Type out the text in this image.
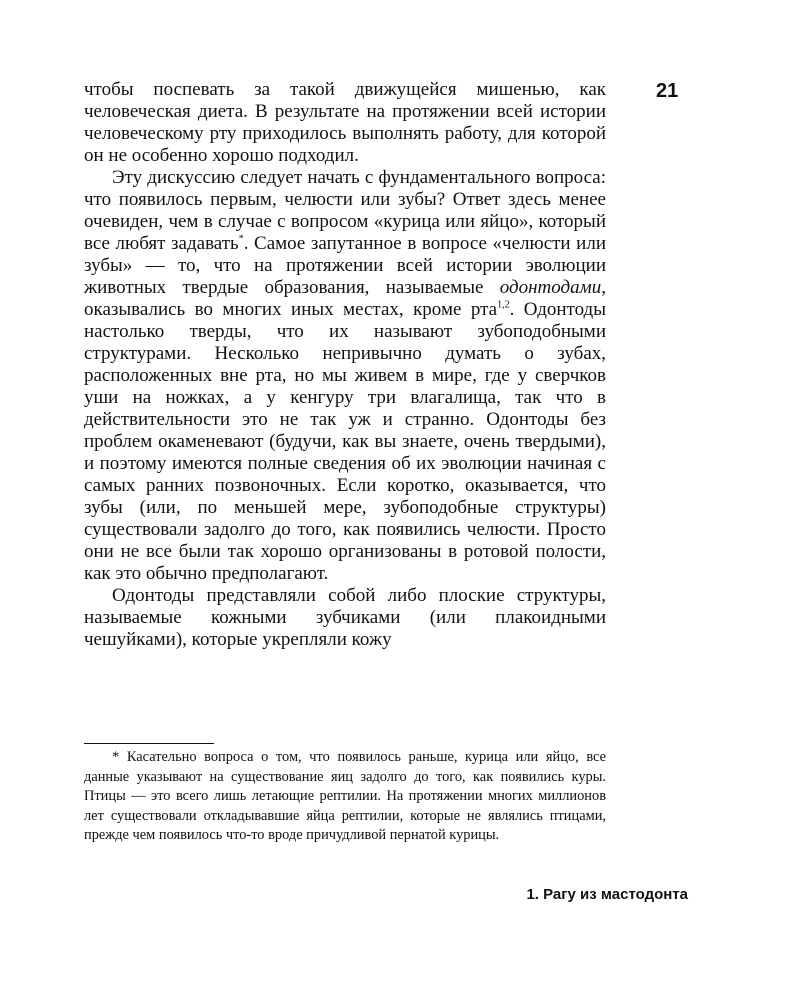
21

чтобы поспевать за такой движущейся мишенью, как человеческая диета. В результате на протяжении всей истории человеческому рту приходилось выполнять работу, для которой он не особенно хорошо подходил.

Эту дискуссию следует начать с фундаментального вопроса: что появилось первым, челюсти или зубы? Ответ здесь менее очевиден, чем в случае с вопросом «курица или яйцо», который все любят задавать*. Самое запутанное в вопросе «челюсти или зубы» — то, что на протяжении всей истории эволюции животных твердые образования, называемые одонтодами, оказывались во многих иных местах, кроме рта$^{1,2}$. Одонтоды настолько тверды, что их называют зубоподобными структурами. Несколько непривычно думать о зубах, расположенных вне рта, но мы живем в мире, где у сверчков уши на ножках, а у кенгуру три влагалища, так что в действительности это не так уж и странно. Одонтоды без проблем окаменевают (будучи, как вы знаете, очень твердыми), и поэтому имеются полные сведения об их эволюции начиная с самых ранних позвоночных. Если коротко, оказывается, что зубы (или, по меньшей мере, зубоподобные структуры) существовали задолго до того, как появились челюсти. Просто они не все были так хорошо организованы в ротовой полости, как это обычно предполагают.

Одонтоды представляли собой либо плоские структуры, называемые кожными зубчиками (или плакоидными чешуйками), которые укрепляли кожу

* Касательно вопроса о том, что появилось раньше, курица или яйцо, все данные указывают на существование яиц задолго до того, как появились куры. Птицы — это всего лишь летающие рептилии. На протяжении многих миллионов лет существовали откладывавшие яйца рептилии, которые не являлись птицами, прежде чем появилось что-то вроде причудливой пернатой курицы.

1. Рагу из мастодонта
